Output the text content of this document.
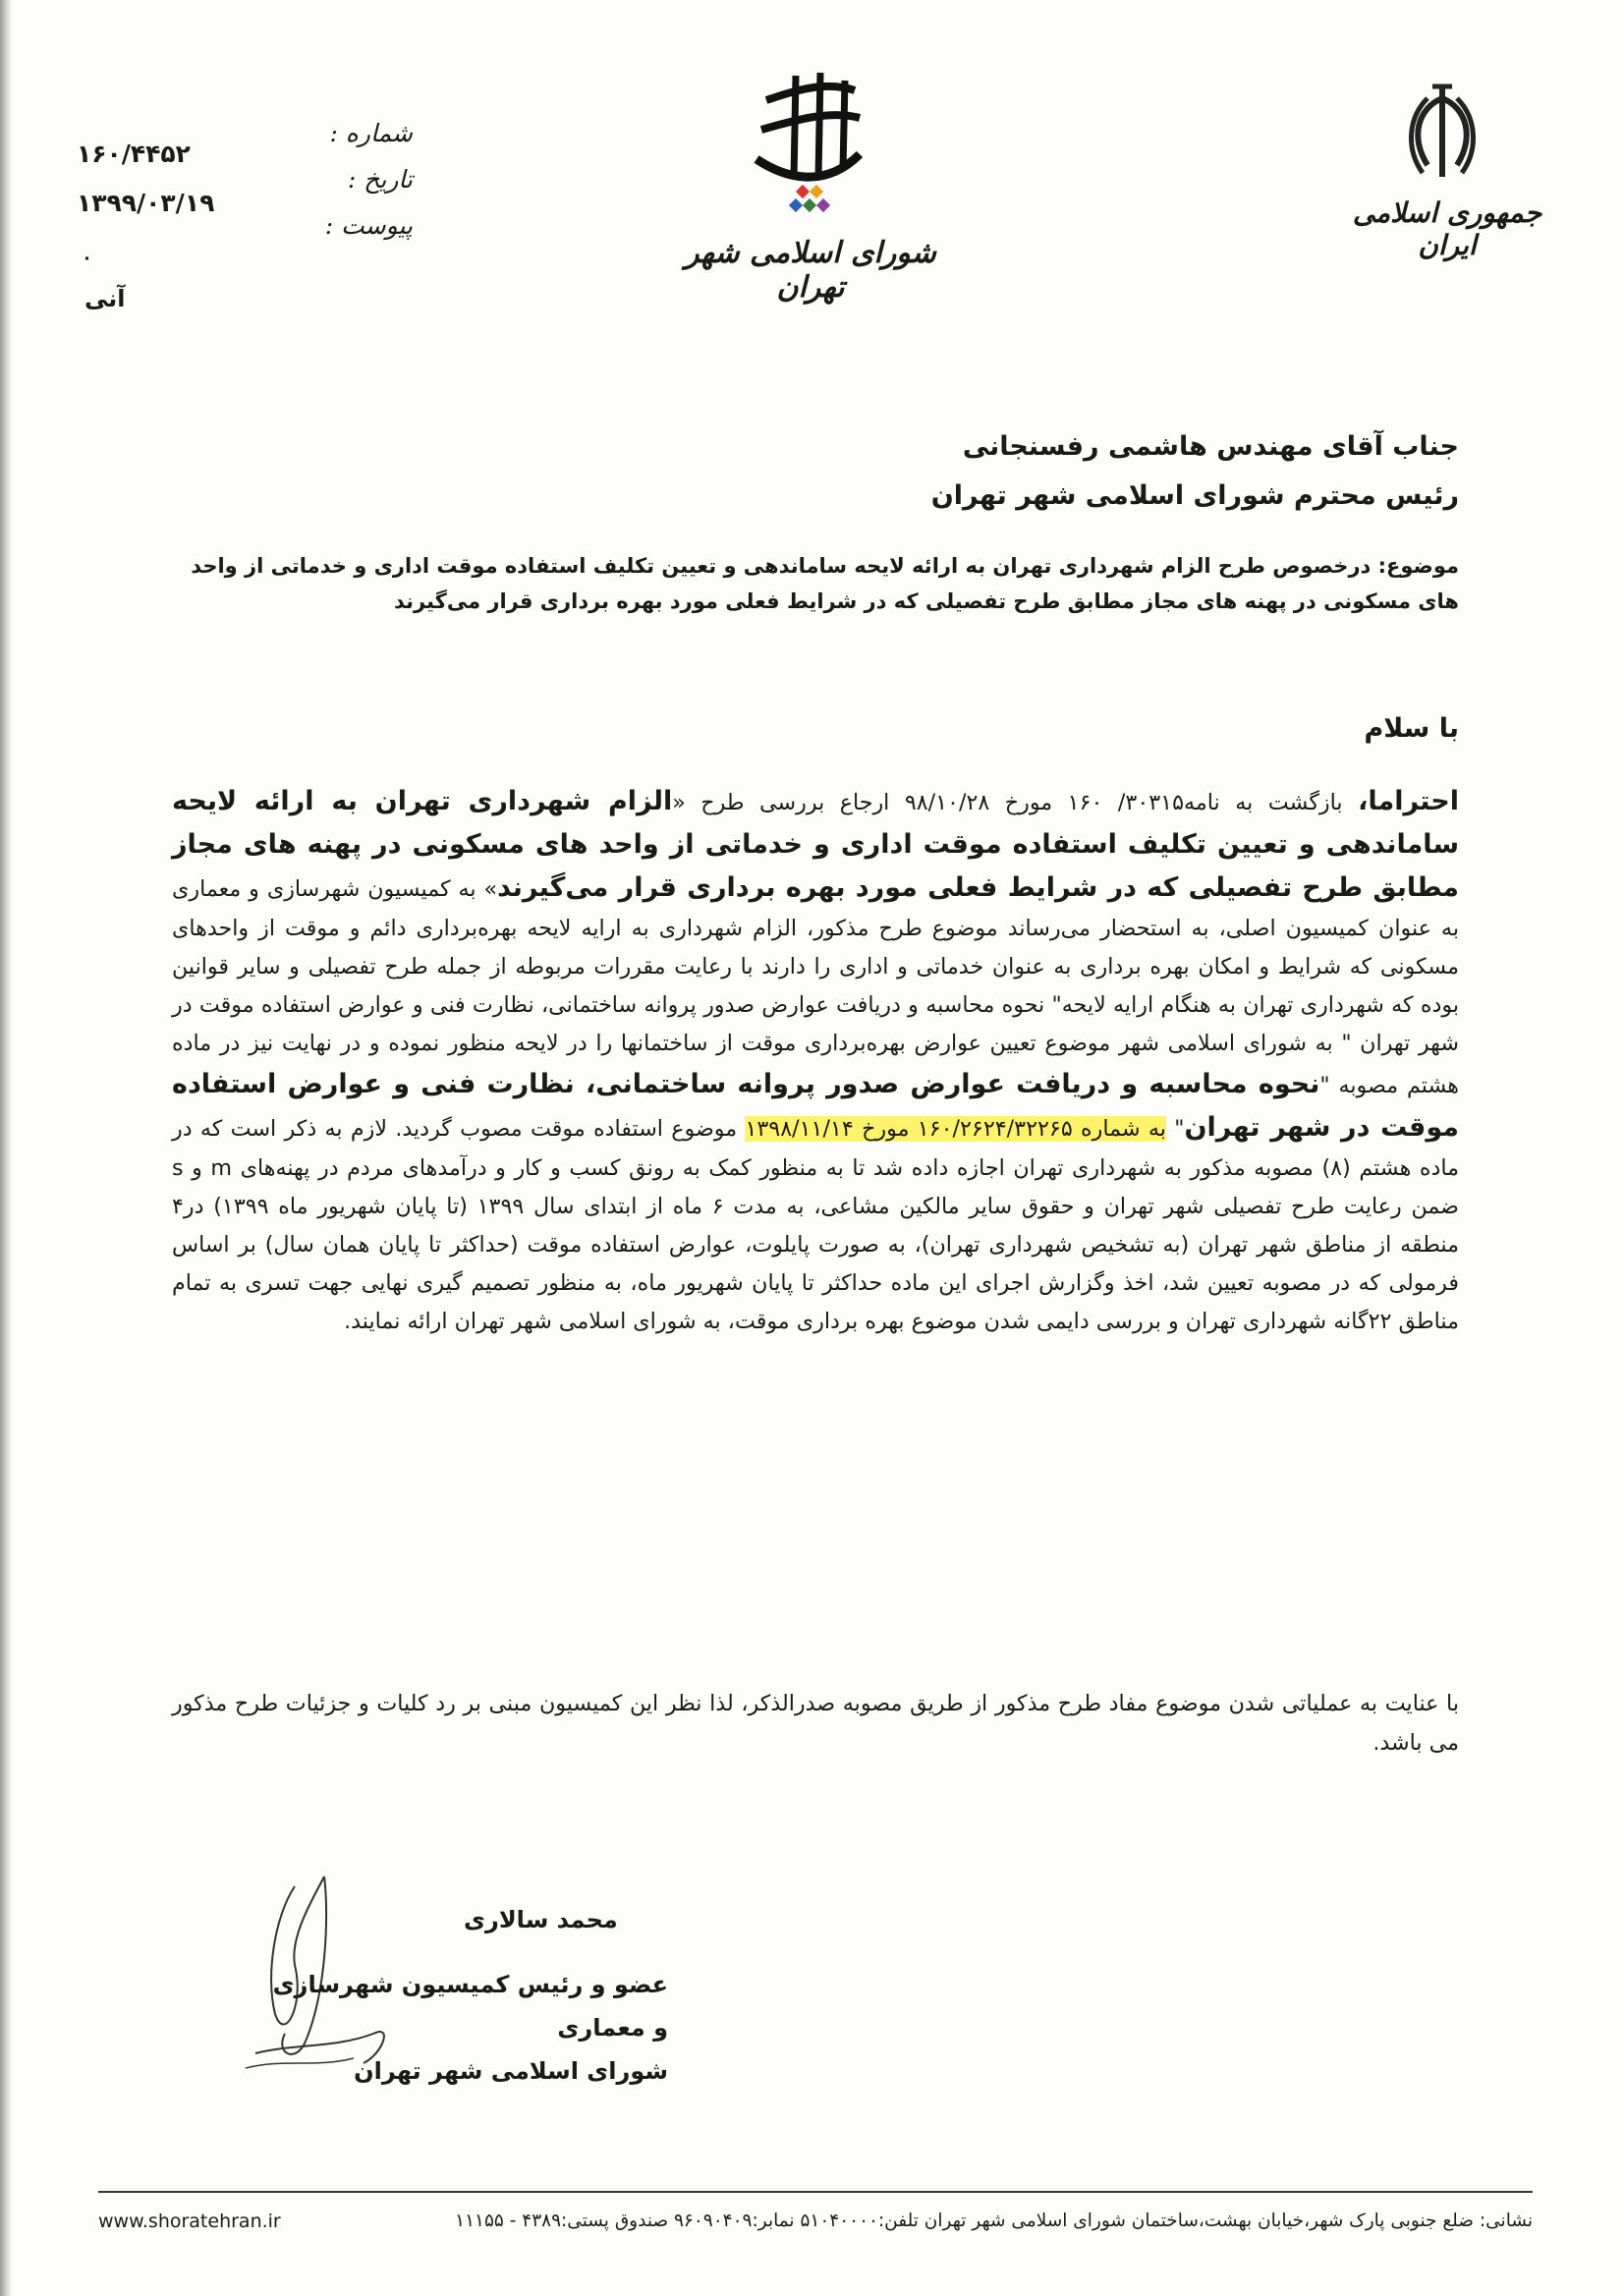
جمهوری اسلامی ایران
شورای اسلامی شهر تهران
شماره :
تاریخ :
پیوست :
۱۶۰/۴۴۵۲
۱۳۹۹/۰۳/۱۹
۰
آنی
جناب آقای مهندس هاشمی رفسنجانی
رئیس محترم شورای اسلامی شهر تهران
موضوع: درخصوص طرح الزام شهرداری تهران به ارائه لایحه ساماندهی و تعیین تکلیف استفاده موقت اداری و خدماتی از واحد های مسکونی در پهنه های مجاز مطابق طرح تفصیلی که در شرایط فعلی مورد بهره برداری قرار می‌گیرند
با سلام

احتراما، بازگشت به نامه۳۰۳۱۵/ ۱۶۰ مورخ ۹۸/۱۰/۲۸ ارجاع بررسی طرح «الزام شهرداری تهران به ارائه لایحه ساماندهی و تعیین تکلیف استفاده موقت اداری و خدماتی از واحد های مسکونی در پهنه های مجاز مطابق طرح تفصیلی که در شرایط فعلی مورد بهره برداری قرار می‌گیرند» به کمیسیون شهرسازی و معماری به عنوان کمیسیون اصلی، به استحضار می‌رساند موضوع طرح مذکور، الزام شهرداری به ارایه لایحه بهره‌برداری دائم و موقت از واحدهای مسکونی که شرایط و امکان بهره برداری به عنوان خدماتی و اداری را دارند با رعایت مقررات مربوطه از جمله طرح تفصیلی و سایر قوانین بوده که شهرداری تهران به هنگام ارایه لایحه" نحوه محاسبه و دریافت عوارض صدور پروانه ساختمانی، نظارت فنی و عوارض استفاده موقت در شهر تهران " به شورای اسلامی شهر موضوع تعیین عوارض بهره‌برداری موقت از ساختمانها را در لایحه منظور نموده و در نهایت نیز در ماده هشتم مصوبه "نحوه محاسبه و دریافت عوارض صدور پروانه ساختمانی، نظارت فنی و عوارض استفاده موقت در شهر تهران" به شماره ۱۶۰/۲۶۲۴/۳۲۲۶۵ مورخ ۱۳۹۸/۱۱/۱۴ موضوع استفاده موقت مصوب گردید. لازم به ذکر است که در ماده هشتم (۸) مصوبه مذکور به شهرداری تهران اجازه داده شد تا به منظور کمک به رونق کسب و کار و درآمدهای مردم در پهنه‌های m و s ضمن رعایت طرح تفصیلی شهر تهران و حقوق سایر مالکین مشاعی، به مدت ۶ ماه از ابتدای سال ۱۳۹۹ (تا پایان شهریور ماه ۱۳۹۹) در۴ منطقه از مناطق شهر تهران (به تشخیص شهرداری تهران)، به صورت پایلوت، عوارض استفاده موقت (حداکثر تا پایان همان سال) بر اساس فرمولی که در مصوبه تعیین شد، اخذ وگزارش اجرای این ماده حداکثر تا پایان شهریور ماه، به منظور تصمیم گیری نهایی جهت تسری به تمام مناطق ۲۲گانه شهرداری تهران و بررسی دایمی شدن موضوع بهره برداری موقت، به شورای اسلامی شهر تهران ارائه نمایند.

با عنایت به عملیاتی شدن موضوع مفاد طرح مذکور از طریق مصوبه صدرالذکر، لذا نظر این کمیسیون مبنی بر رد کلیات و جزئیات طرح مذکور می باشد.
محمد سالاری
عضو و رئیس کمیسیون شهرسازی و معماری
شورای اسلامی شهر تهران
نشانی: ضلع جنوبی پارک شهر،خیابان بهشت،ساختمان شورای اسلامی شهر تهران تلفن:۵۱۰۴۰۰۰۰ نمابر:۹۶۰۹۰۴۰۹ صندوق پستی:۴۳۸۹ - ۱۱۱۵۵
www.shoratehran.ir
